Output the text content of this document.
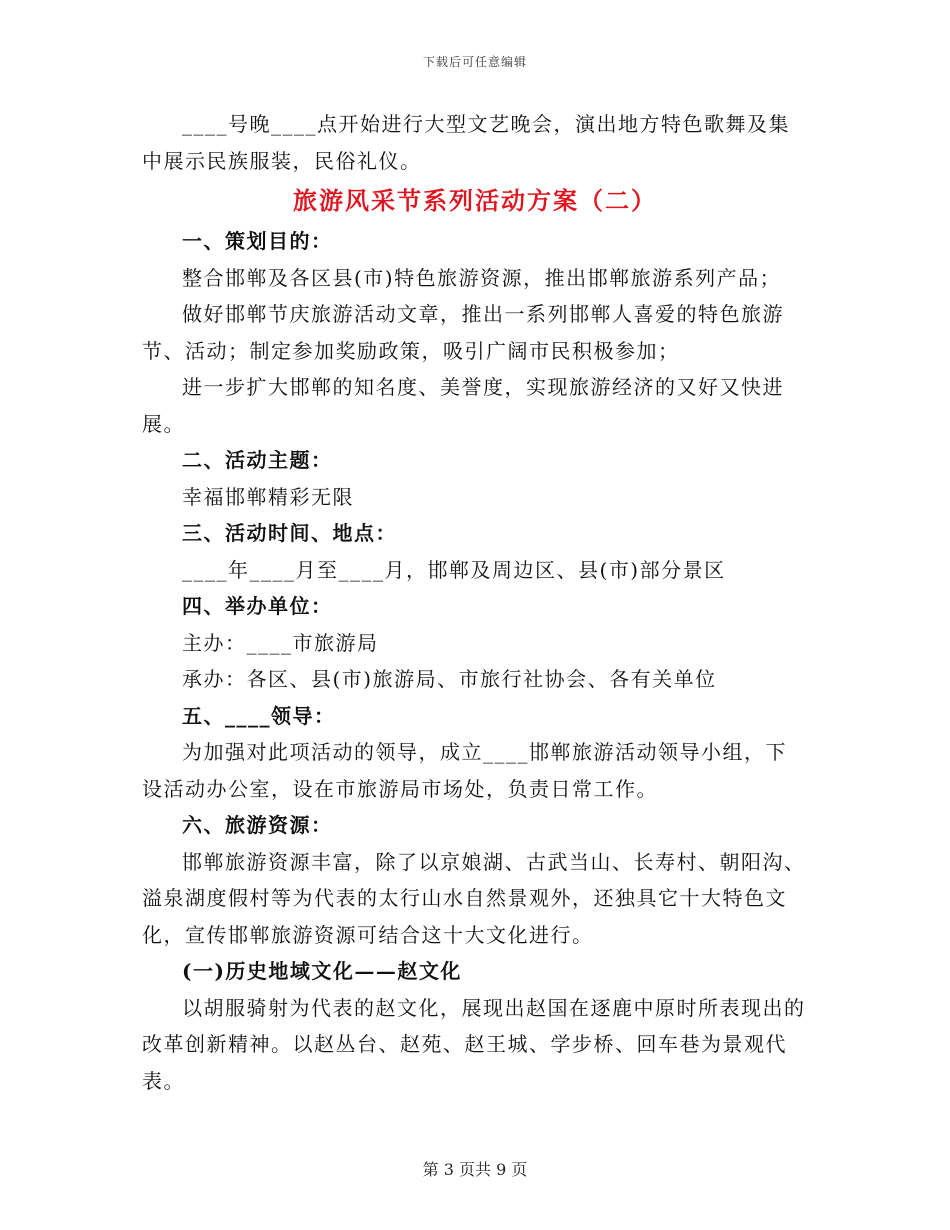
下载后可任意编辑

____号晚____点开始进行大型文艺晚会，演出地方特色歌舞及集中展示民族服装，民俗礼仪。

旅游风采节系列活动方案（二）

一、策划目的：

整合邯郸及各区县(市)特色旅游资源，推出邯郸旅游系列产品；

做好邯郸节庆旅游活动文章，推出一系列邯郸人喜爱的特色旅游节、活动；制定参加奖励政策，吸引广阔市民积极参加；

进一步扩大邯郸的知名度、美誉度，实现旅游经济的又好又快进展。

二、活动主题：

幸福邯郸精彩无限

三、活动时间、地点：

____年____月至____月，邯郸及周边区、县(市)部分景区

四、举办单位：

主办：____市旅游局

承办：各区、县(市)旅游局、市旅行社协会、各有关单位

五、____领导：

为加强对此项活动的领导，成立____邯郸旅游活动领导小组，下设活动办公室，设在市旅游局市场处，负责日常工作。

六、旅游资源：

邯郸旅游资源丰富，除了以京娘湖、古武当山、长寿村、朝阳沟、溢泉湖度假村等为代表的太行山水自然景观外，还独具它十大特色文化，宣传邯郸旅游资源可结合这十大文化进行。

(一)历史地域文化——赵文化

以胡服骑射为代表的赵文化，展现出赵国在逐鹿中原时所表现出的改革创新精神。以赵丛台、赵苑、赵王城、学步桥、回车巷为景观代表。

第 3 页共 9 页
